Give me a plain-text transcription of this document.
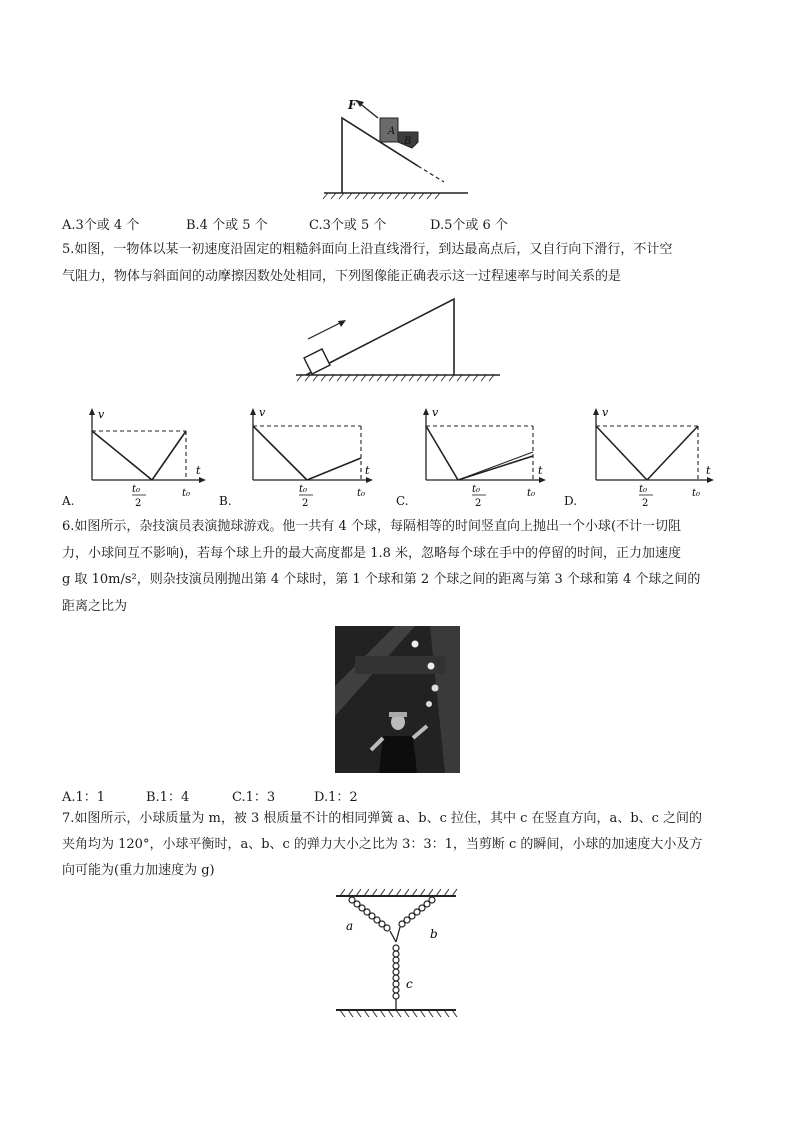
F
A
B
A.3个或 4 个	B.4 个或 5 个	C.3个或 5 个	D.5个或 6 个
5.如图，一物体以某一初速度沿固定的粗糙斜面向上沿直线滑行，到达最高点后，又自行向下滑行，不计空
气阻力，物体与斜面间的动摩擦因数处处相同，下列图像能正确表示这一过程速率与时间关系的是
A.
v
t
t₀
2
t₀
B.
v
t
t₀
2
t₀
C.
v
t
t₀
2
t₀
D.
v
t
t₀
2
t₀
6.如图所示，杂技演员表演抛球游戏。他一共有 4 个球，每隔相等的时间竖直向上抛出一个小球(不计一切阻
力，小球间互不影响)，若每个球上升的最大高度都是 1.8 米，忽略每个球在手中的停留的时间，正力加速度
g 取 10m/s²，则杂技演员刚抛出第 4 个球时，第 1 个球和第 2 个球之间的距离与第 3 个球和第 4 个球之间的
距离之比为
A.1：1	B.1：4	C.1：3	D.1：2
7.如图所示，小球质量为 m，被 3 根质量不计的相同弹簧 a、b、c 拉住，其中 c 在竖直方向，a、b、c 之间的
夹角均为 120°，小球平衡时，a、b、c 的弹力大小之比为 3：3：1，当剪断 c 的瞬间，小球的加速度大小及方
向可能为(重力加速度为 g)
a
b
c
